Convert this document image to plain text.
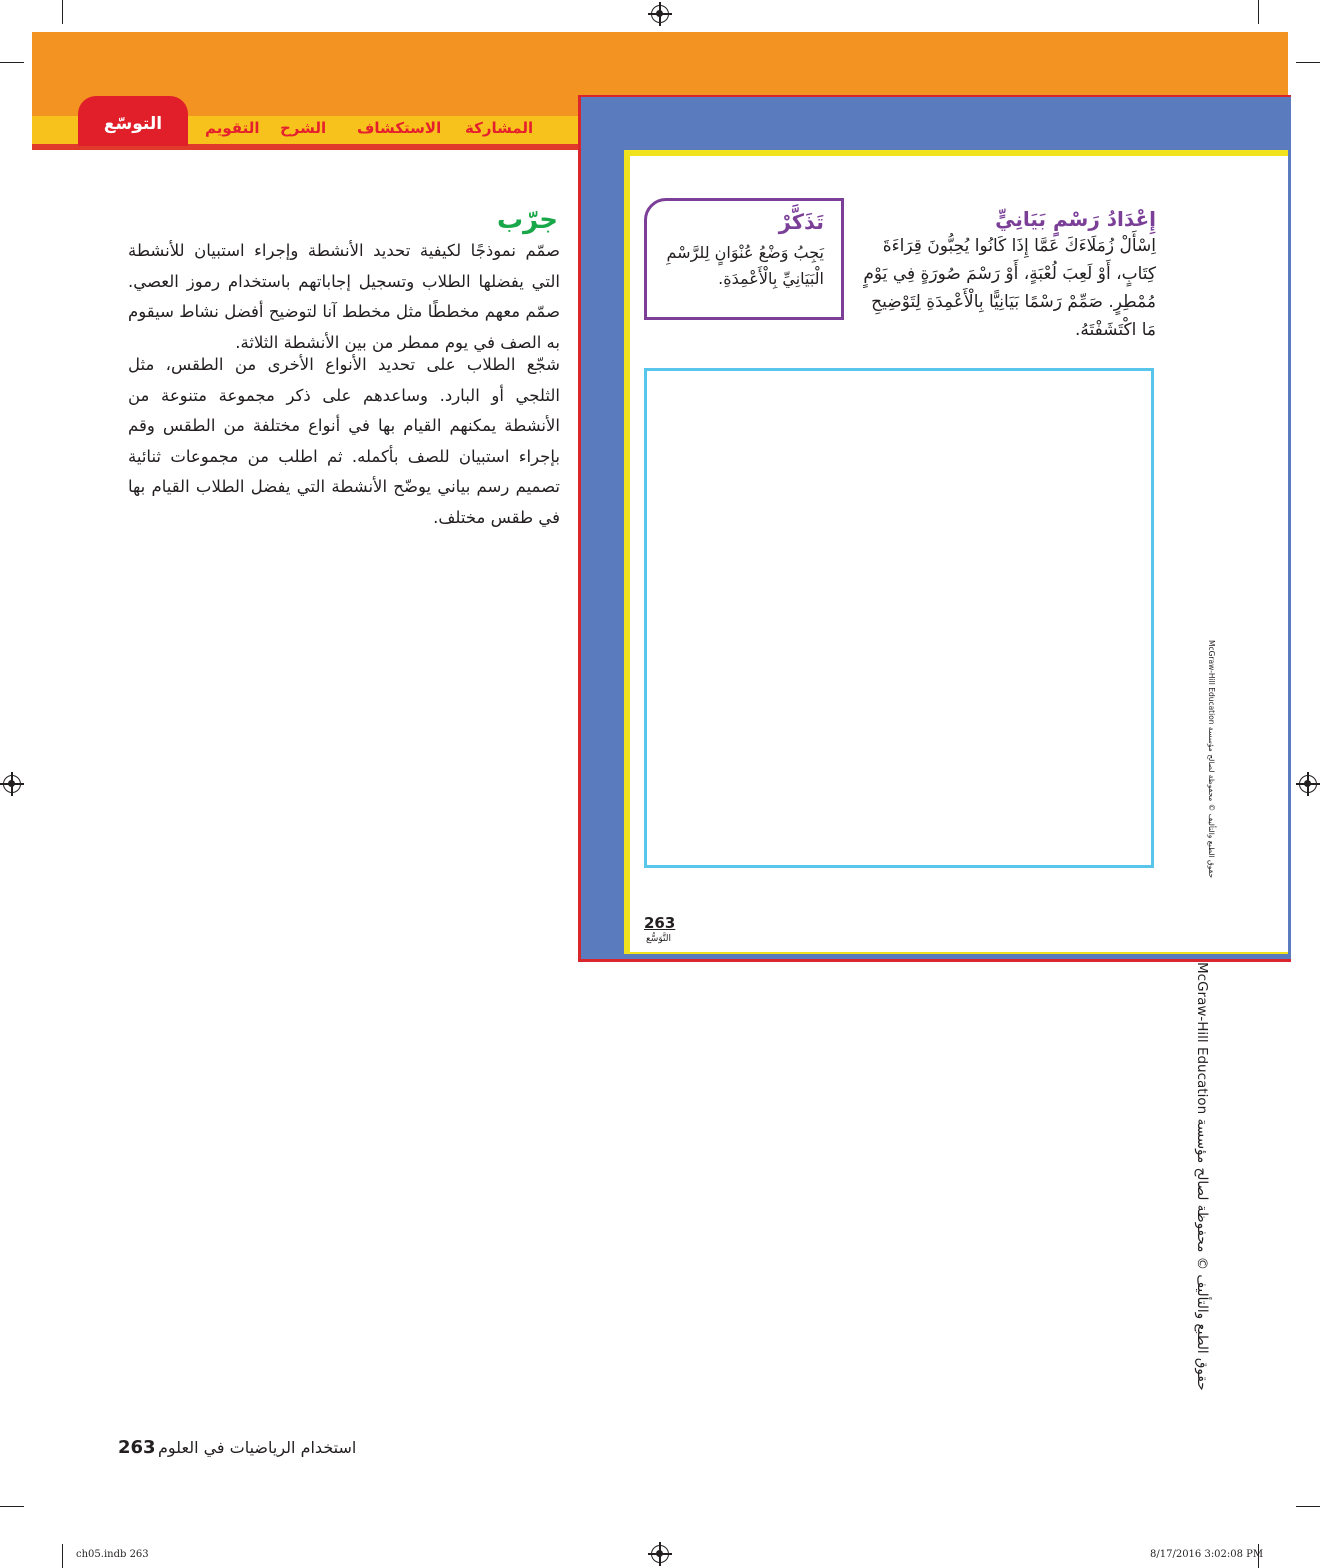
المشاركة
الاستكشاف
الشرح
التقويم
التوسّع
جرّب
صمّم نموذجًا لكيفية تحديد الأنشطة وإجراء استبيان للأنشطة التي يفضلها الطلاب وتسجيل إجاباتهم باستخدام رموز العصي. صمّم معهم مخططًا مثل مخطط آنا لتوضيح أفضل نشاط سيقوم به الصف في يوم ممطر من بين الأنشطة الثلاثة.
شجّع الطلاب على تحديد الأنواع الأخرى من الطقس، مثل الثلجي أو البارد. وساعدهم على ذكر مجموعة متنوعة من الأنشطة يمكنهم القيام بها في أنواع مختلفة من الطقس وقم بإجراء استبيان للصف بأكمله. ثم اطلب من مجموعات ثنائية تصميم رسم بياني يوضّح الأنشطة التي يفضل الطلاب القيام بها في طقس مختلف.
إِعْدَادُ رَسْمٍ بَيَانِيٍّ
اِسْأَلْ زُمَلَاءَكَ عَمَّا إِذَا كَانُوا يُحِبُّونَ قِرَاءَةَ كِتَابٍ، أَوْ لَعِبَ لُعْبَةٍ، أَوْ رَسْمَ صُورَةٍ فِي يَوْمٍ مُمْطِرٍ. صَمِّمْ رَسْمًا بَيَانِيًّا بِالْأَعْمِدَةِ لِتَوْضِيحِ مَا اكْتَشَفْتَهُ.
تَذَكَّرْ
يَجِبُ وَضْعُ عُنْوَانٍ لِلرَّسْمِ الْبَيَانِيِّ بِالْأَعْمِدَةِ.
263
التَّوَسُّع
حقوق الطبع والتأليف © محفوظة لصالح مؤسسة McGraw-Hill Education
حقوق الطبع والتأليف © محفوظة لصالح مؤسسة McGraw-Hill Education
263 استخدام الرياضيات في العلوم
ch05.indb 263	8/17/2016 3:02:08 PM
